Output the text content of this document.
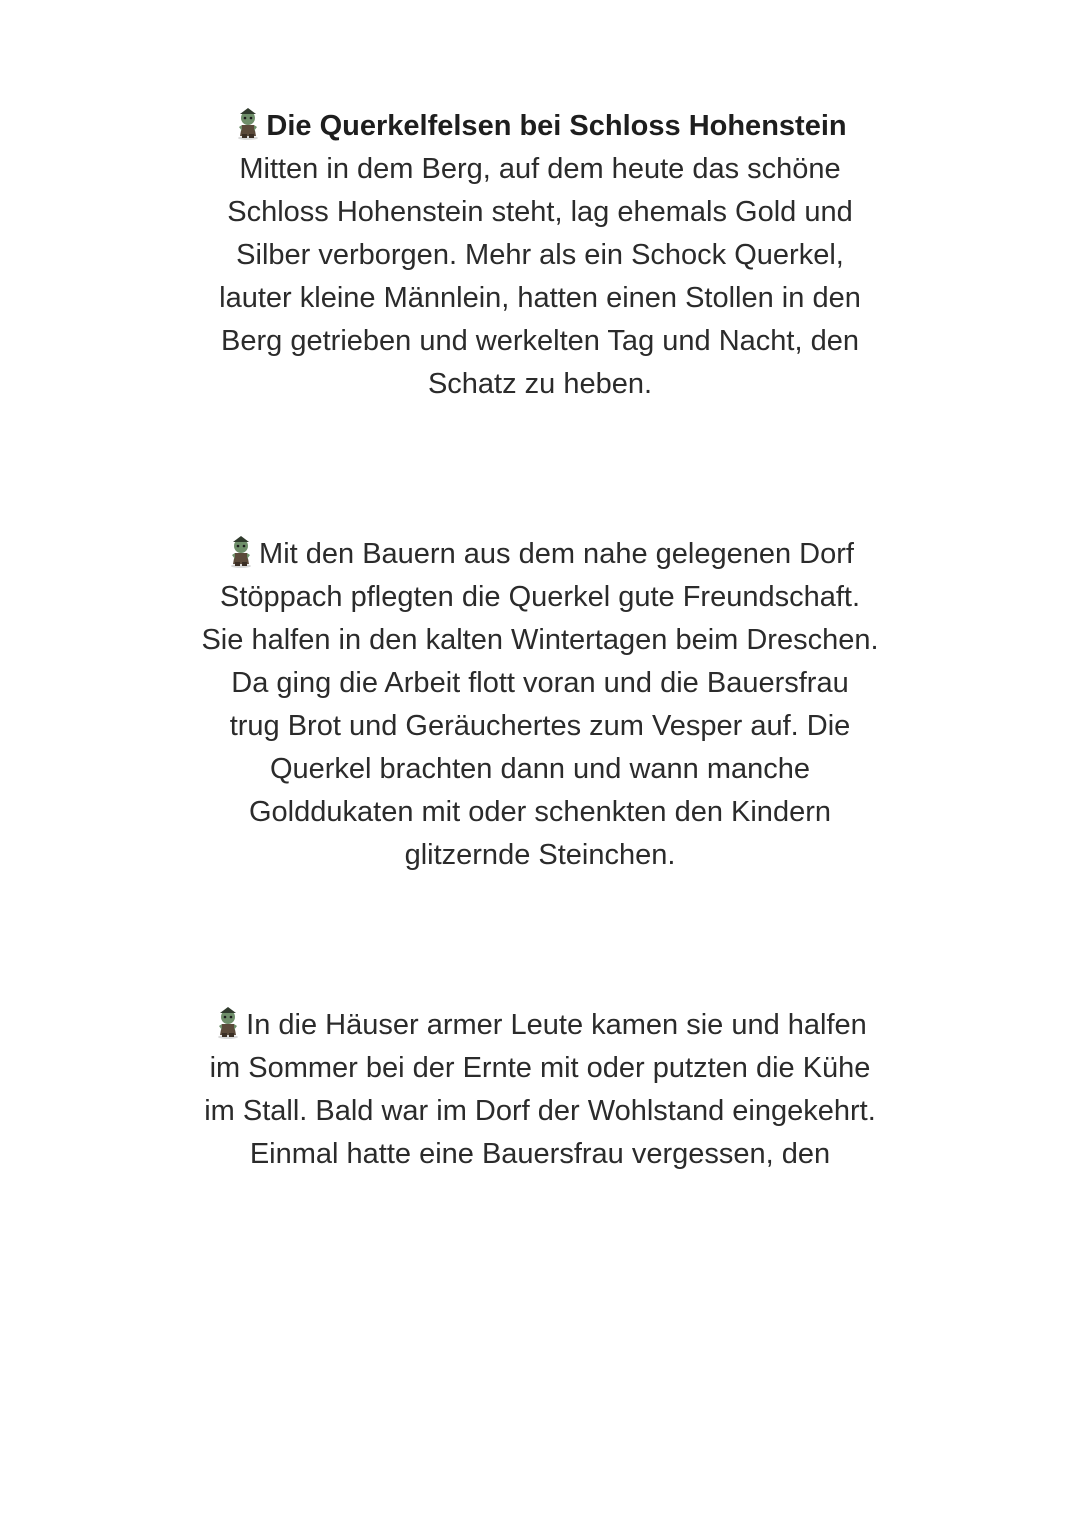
Die Querkelfelsen bei Schloss Hohenstein
Mitten in dem Berg, auf dem heute das schöne
Schloss Hohenstein steht, lag ehemals Gold und
Silber verborgen. Mehr als ein Schock Querkel,
lauter kleine Männlein, hatten einen Stollen in den
Berg getrieben und werkelten Tag und Nacht, den
Schatz zu heben.
Mit den Bauern aus dem nahe gelegenen Dorf
Stöppach pflegten die Querkel gute Freundschaft.
Sie halfen in den kalten Wintertagen beim Dreschen.
Da ging die Arbeit flott voran und die Bauersfrau
trug Brot und Geräuchertes zum Vesper auf. Die
Querkel brachten dann und wann manche
Golddukaten mit oder schenkten den Kindern
glitzernde Steinchen.
In die Häuser armer Leute kamen sie und halfen
im Sommer bei der Ernte mit oder putzten die Kühe
im Stall. Bald war im Dorf der Wohlstand eingekehrt.
Einmal hatte eine Bauersfrau vergessen, den
